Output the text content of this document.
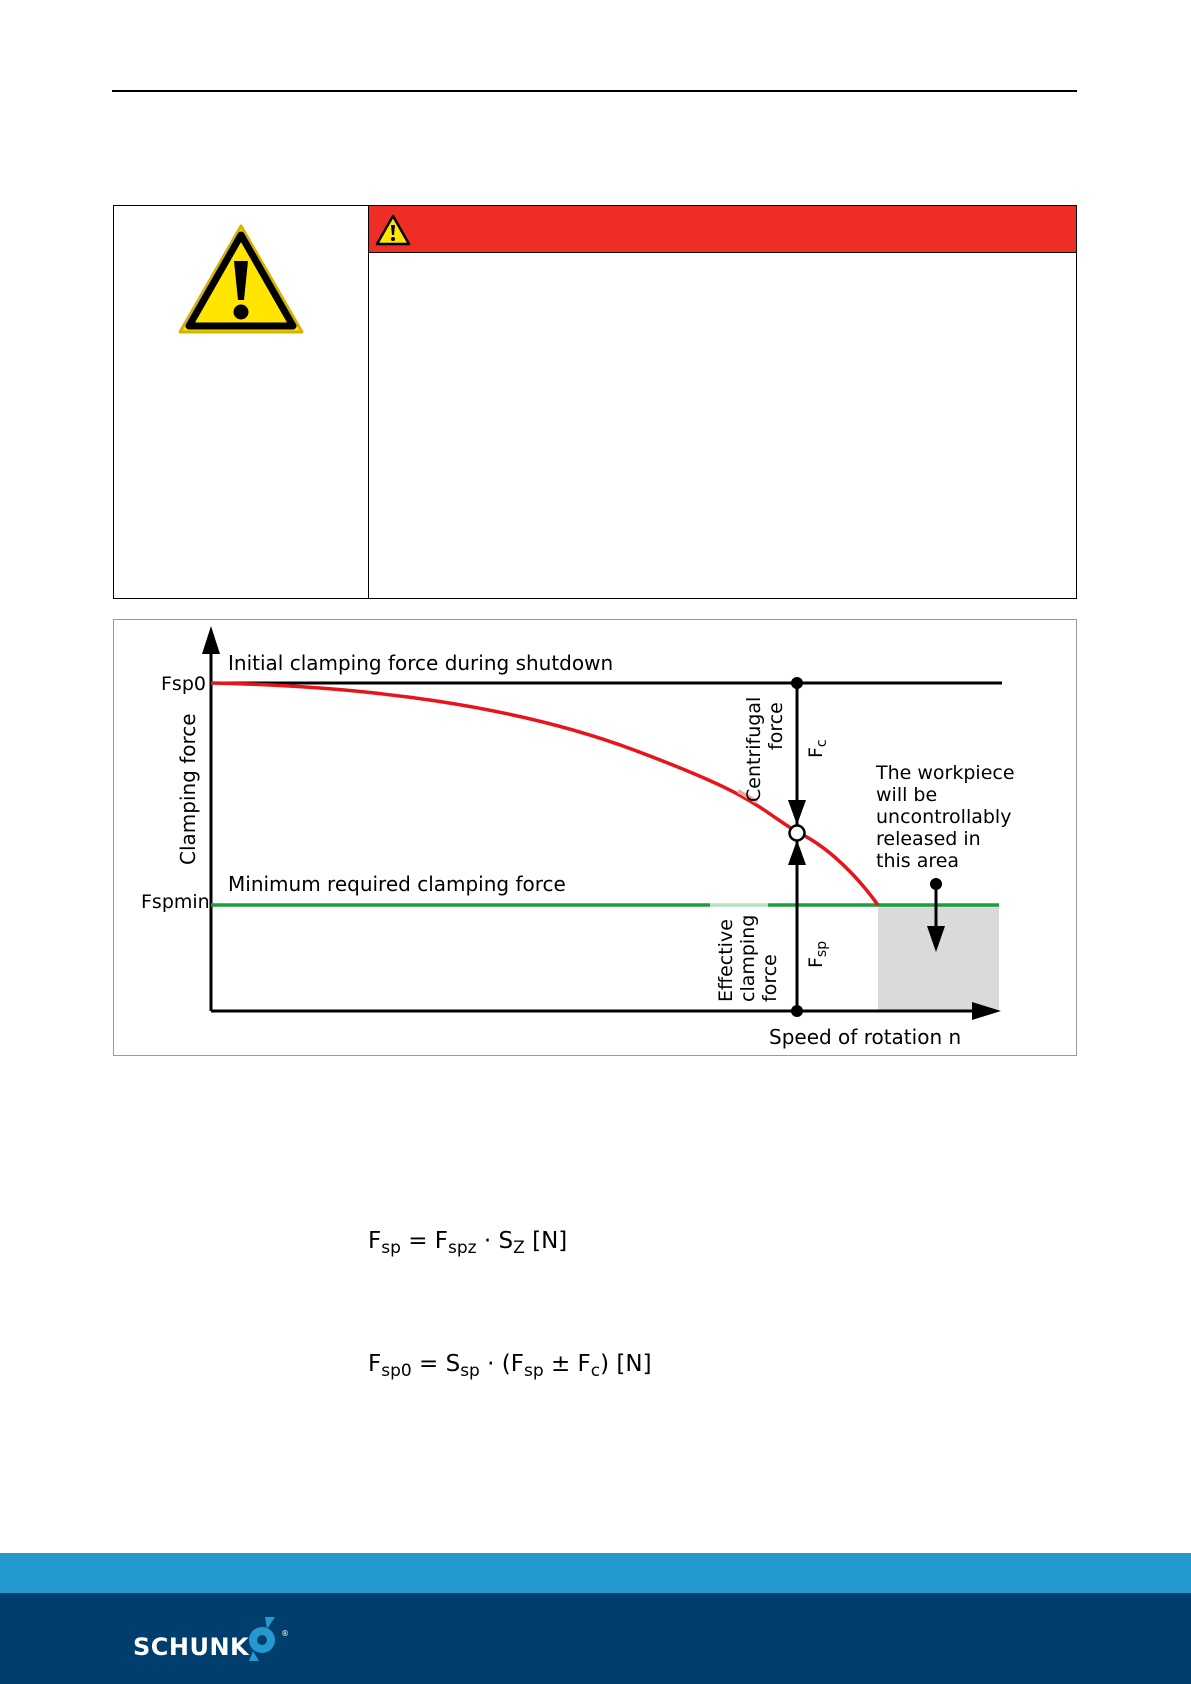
Initial clamping force during shutdown
Minimum required clamping force
Fsp0
Fspmin
Clamping force
Speed of rotation n
Centrifugal force
$F_c$
Effective clamping force $F_{sp}$
The workpiece
will be
uncontrollably
released in
this area
$F_{sp} = F_{spz} \cdot S_Z$ [N]
$F_{sp0} = S_{sp} \cdot (F_{sp} \pm F_c)$ [N]
SCHUNK	®
